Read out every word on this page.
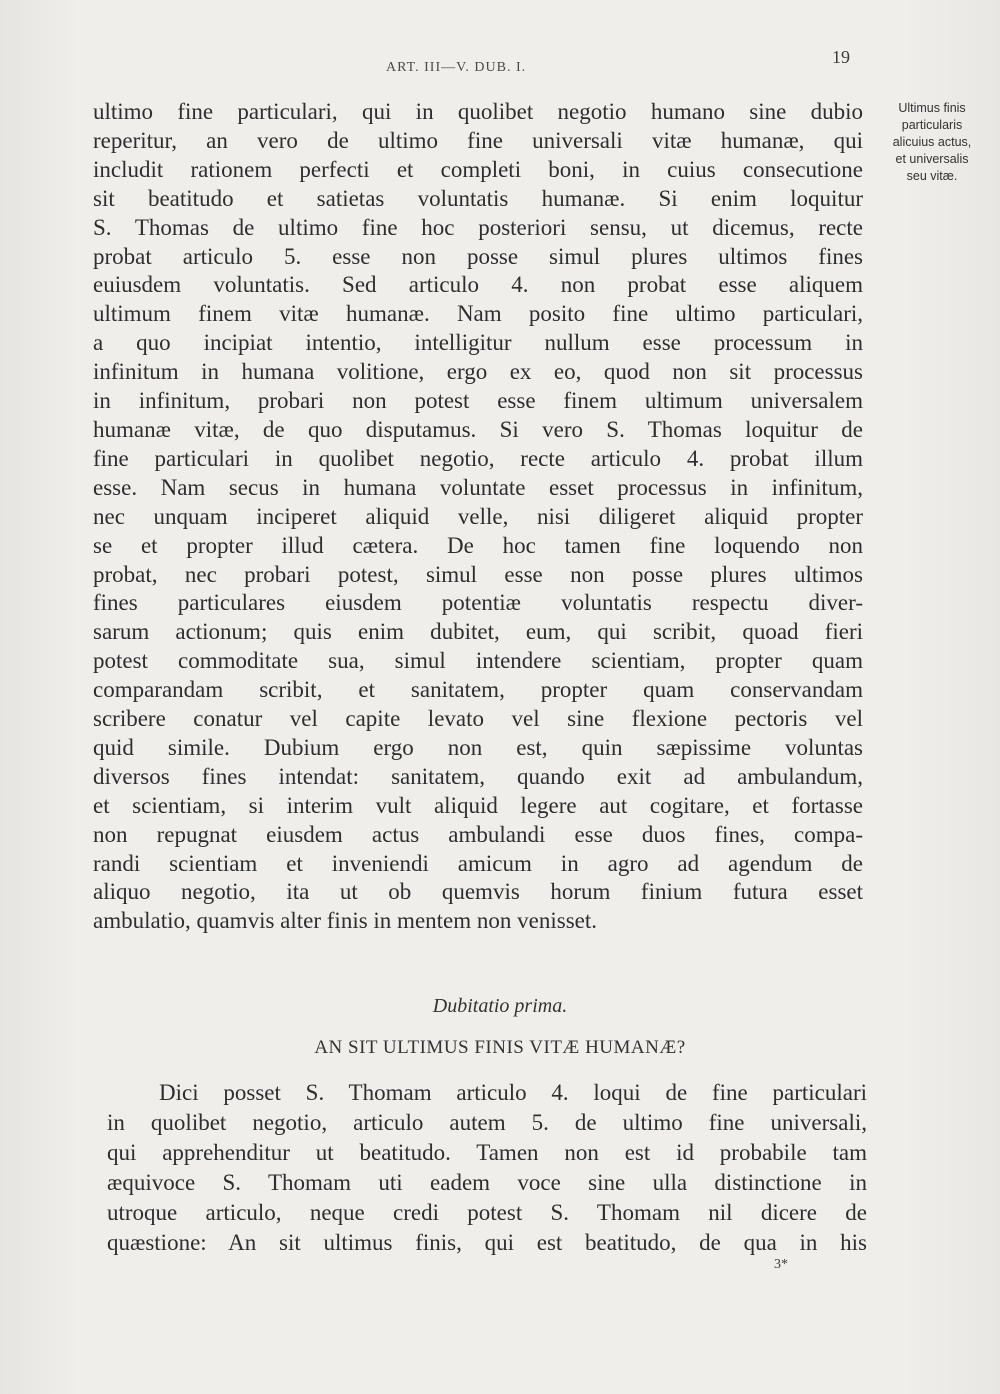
ART. III—V. DUB. I.
19
Ultimus finis
particularis
alicuius actus,
et universalis
seu vitæ.
ultimo fine particulari, qui in quolibet negotio humano sine dubio
reperitur, an vero de ultimo fine universali vitæ humanæ, qui
includit rationem perfecti et completi boni, in cuius consecutione
sit beatitudo et satietas voluntatis humanæ. Si enim loquitur
S. Thomas de ultimo fine hoc posteriori sensu, ut dicemus, recte
probat articulo 5. esse non posse simul plures ultimos fines
euiusdem voluntatis. Sed articulo 4. non probat esse aliquem
ultimum finem vitæ humanæ. Nam posito fine ultimo particulari,
a quo incipiat intentio, intelligitur nullum esse processum in
infinitum in humana volitione, ergo ex eo, quod non sit processus
in infinitum, probari non potest esse finem ultimum universalem
humanæ vitæ, de quo disputamus. Si vero S. Thomas loquitur de
fine particulari in quolibet negotio, recte articulo 4. probat illum
esse. Nam secus in humana voluntate esset processus in infinitum,
nec unquam inciperet aliquid velle, nisi diligeret aliquid propter
se et propter illud cætera. De hoc tamen fine loquendo non
probat, nec probari potest, simul esse non posse plures ultimos
fines particulares eiusdem potentiæ voluntatis respectu diver-
sarum actionum; quis enim dubitet, eum, qui scribit, quoad fieri
potest commoditate sua, simul intendere scientiam, propter quam
comparandam scribit, et sanitatem, propter quam conservandam
scribere conatur vel capite levato vel sine flexione pectoris vel
quid simile. Dubium ergo non est, quin sæpissime voluntas
diversos fines intendat: sanitatem, quando exit ad ambulandum,
et scientiam, si interim vult aliquid legere aut cogitare, et fortasse
non repugnat eiusdem actus ambulandi esse duos fines, compa-
randi scientiam et inveniendi amicum in agro ad agendum de
aliquo negotio, ita ut ob quemvis horum finium futura esset
ambulatio, quamvis alter finis in mentem non venisset.
Dubitatio prima.
AN SIT ULTIMUS FINIS VITÆ HUMANÆ?
Dici posset S. Thomam articulo 4. loqui de fine particulari
in quolibet negotio, articulo autem 5. de ultimo fine universali,
qui apprehenditur ut beatitudo. Tamen non est id probabile tam
æquivoce S. Thomam uti eadem voce sine ulla distinctione in
utroque articulo, neque credi potest S. Thomam nil dicere de
quæstione: An sit ultimus finis, qui est beatitudo, de qua in his
3*
